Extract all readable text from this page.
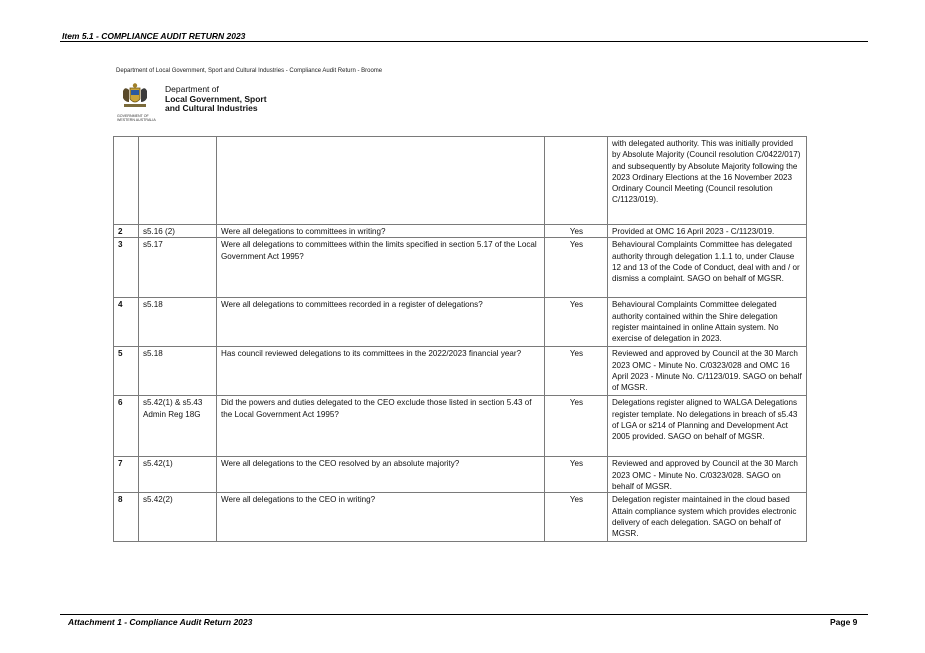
Item 5.1 - COMPLIANCE AUDIT RETURN 2023
Department of Local Government, Sport and Cultural Industries - Compliance Audit Return - Broome
GOVERNMENT OF WESTERN AUSTRALIA
Department of
Local Government, Sport
and Cultural Industries
				with delegated authority. This was initially provided by Absolute Majority (Council resolution C/0422/017) and subsequently by Absolute Majority following the 2023 Ordinary Elections at the 16 November 2023 Ordinary Council Meeting (Council resolution C/1123/019).
2	s5.16 (2)	Were all delegations to committees in writing?	Yes	Provided at OMC 16 April 2023 - C/1123/019.
3	s5.17	Were all delegations to committees within the limits specified in section 5.17 of the Local Government Act 1995?	Yes	Behavioural Complaints Committee has delegated authority through delegation 1.1.1 to, under Clause 12 and 13 of the Code of Conduct, deal with and / or dismiss a complaint. SAGO on behalf of MGSR.
4	s5.18	Were all delegations to committees recorded in a register of delegations?	Yes	Behavioural Complaints Committee delegated authority contained within the Shire delegation register maintained in online Attain system. No exercise of delegation in 2023.
5	s5.18	Has council reviewed delegations to its committees in the 2022/2023 financial year?	Yes	Reviewed and approved by Council at the 30 March 2023 OMC - Minute No. C/0323/028 and OMC 16 April 2023 - Minute No. C/1123/019. SAGO on behalf of MGSR.
6	s5.42(1) & s5.43 Admin Reg 18G	Did the powers and duties delegated to the CEO exclude those listed in section 5.43 of the Local Government Act 1995?	Yes	Delegations register aligned to WALGA Delegations register template. No delegations in breach of s5.43 of LGA or s214 of Planning and Development Act 2005 provided. SAGO on behalf of MGSR.
7	s5.42(1)	Were all delegations to the CEO resolved by an absolute majority?	Yes	Reviewed and approved by Council at the 30 March 2023 OMC - Minute No. C/0323/028. SAGO on behalf of MGSR.
8	s5.42(2)	Were all delegations to the CEO in writing?	Yes	Delegation register maintained in the cloud based Attain compliance system which provides electronic delivery of each delegation. SAGO on behalf of MGSR.
Attachment 1 - Compliance Audit Return 2023	Page 9
